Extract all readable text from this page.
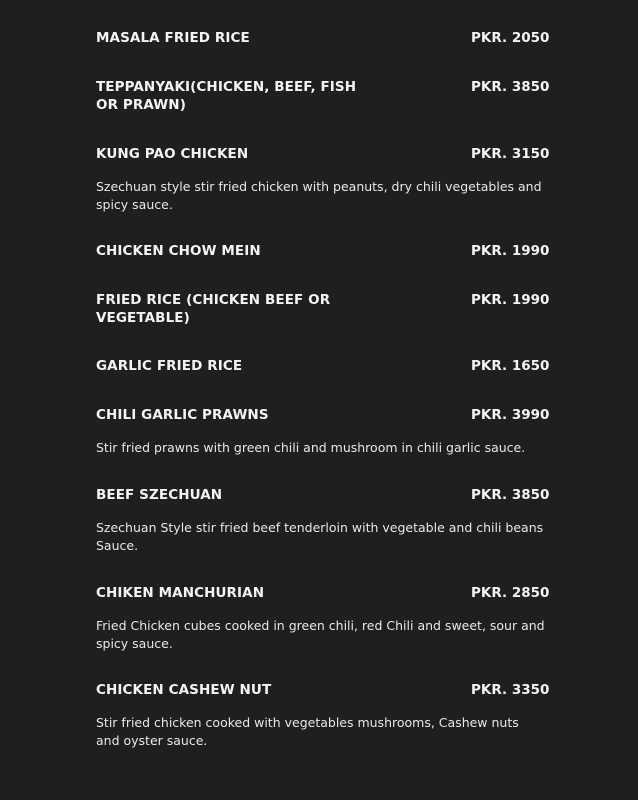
MASALA FRIED RICE	PKR. 2050
TEPPANYAKI(CHICKEN, BEEF, FISH OR PRAWN)
PKR. 3850
KUNG PAO CHICKEN	PKR. 3150
Szechuan style stir fried chicken with peanuts, dry chili vegetables and spicy sauce.
CHICKEN CHOW MEIN	PKR. 1990
FRIED RICE (CHICKEN BEEF OR VEGETABLE)
PKR. 1990
GARLIC FRIED RICE	PKR. 1650
CHILI GARLIC PRAWNS	PKR. 3990
Stir fried prawns with green chili and mushroom in chili garlic sauce.
BEEF SZECHUAN	PKR. 3850
Szechuan Style stir fried beef tenderloin with vegetable and chili beans Sauce.
CHIKEN MANCHURIAN	PKR. 2850
Fried Chicken cubes cooked in green chili, red Chili and sweet, sour and spicy sauce.
CHICKEN CASHEW NUT	PKR. 3350
Stir fried chicken cooked with vegetables mushrooms, Cashew nuts and oyster sauce.
